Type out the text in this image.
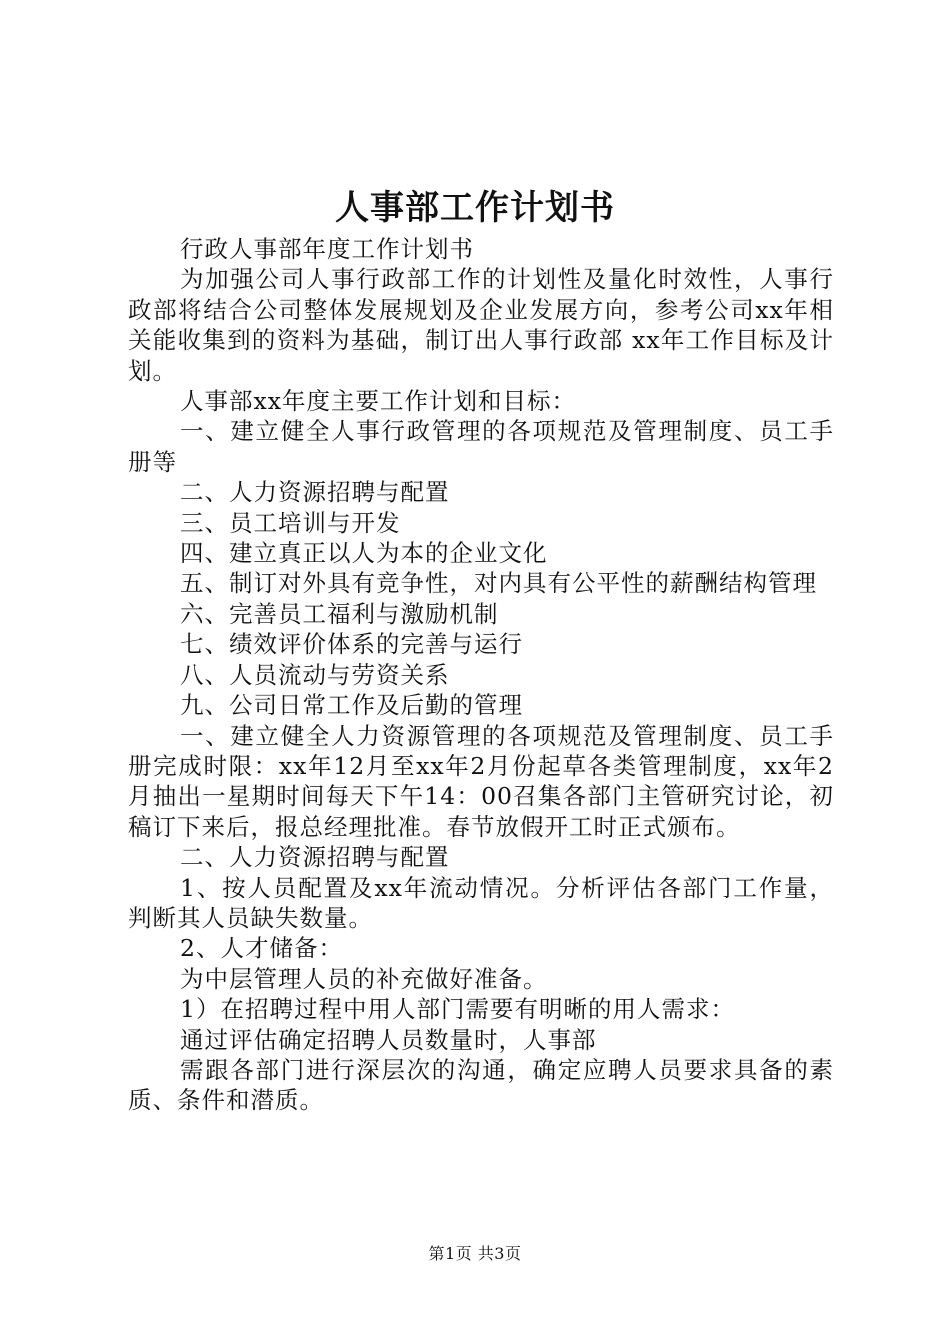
人事部工作计划书

行政人事部年度工作计划书

为加强公司人事行政部工作的计划性及量化时效性，人事行政部将结合公司整体发展规划及企业发展方向，参考公司xx年相关能收集到的资料为基础，制订出人事行政部 xx年工作目标及计划。

人事部xx年度主要工作计划和目标：

一、建立健全人事行政管理的各项规范及管理制度、员工手册等

二、人力资源招聘与配置

三、员工培训与开发

四、建立真正以人为本的企业文化

五、制订对外具有竞争性，对内具有公平性的薪酬结构管理

六、完善员工福利与激励机制

七、绩效评价体系的完善与运行

八、人员流动与劳资关系

九、公司日常工作及后勤的管理

一、建立健全人力资源管理的各项规范及管理制度、员工手册完成时限：xx年12月至xx年2月份起草各类管理制度，xx年2月抽出一星期时间每天下午14：00召集各部门主管研究讨论，初稿订下来后，报总经理批准。春节放假开工时正式颁布。

二、人力资源招聘与配置

1、按人员配置及xx年流动情况。分析评估各部门工作量，判断其人员缺失数量。

2、人才储备：

为中层管理人员的补充做好准备。

1）在招聘过程中用人部门需要有明晰的用人需求：

通过评估确定招聘人员数量时，人事部

需跟各部门进行深层次的沟通，确定应聘人员要求具备的素质、条件和潜质。

第1页 共3页
